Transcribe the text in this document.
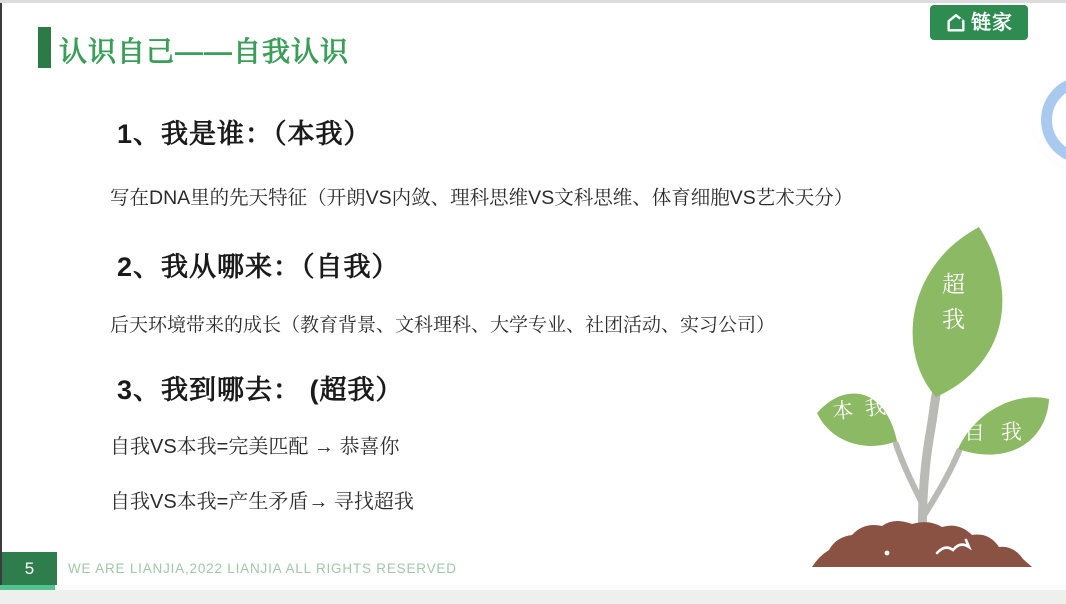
认识自己——自我认识
链家
1、我是谁：（本我）
写在DNA里的先天特征（开朗VS内敛、理科思维VS文科思维、体育细胞VS艺术天分）
2、我从哪来：（自我）
后天环境带来的成长（教育背景、文科理科、大学专业、社团活动、实习公司）
3、我到哪去： (超我）
自我VS本我=完美匹配 → 恭喜你
自我VS本我=产生矛盾→ 寻找超我
超我
本 我
自 我
5	WE ARE LIANJIA,2022 LIANJIA ALL RIGHTS RESERVED
